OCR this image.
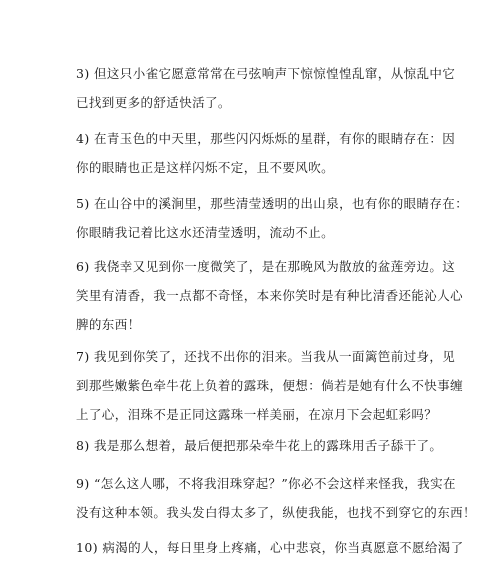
3) 但这只小雀它愿意常常在弓弦响声下惊惊惶惶乱窜，从惊乱中它
已找到更多的舒适快活了。
4) 在青玉色的中天里，那些闪闪烁烁的星群，有你的眼睛存在：因
你的眼睛也正是这样闪烁不定，且不要风吹。
5) 在山谷中的溪涧里，那些清莹透明的出山泉，也有你的眼睛存在：
你眼睛我记着比这水还清莹透明，流动不止。
6) 我侥幸又见到你一度微笑了，是在那晚风为散放的盆莲旁边。这
笑里有清香，我一点都不奇怪，本来你笑时是有种比清香还能沁人心
脾的东西！
7) 我见到你笑了，还找不出你的泪来。当我从一面篱笆前过身，见
到那些嫩紫色牵牛花上负着的露珠，便想：倘若是她有什么不快事缠
上了心，泪珠不是正同这露珠一样美丽，在凉月下会起虹彩吗？
8) 我是那么想着，最后便把那朵牵牛花上的露珠用舌子舔干了。
9) “怎么这人哪，不将我泪珠穿起？”你必不会这样来怪我，我实在
没有这种本领。我头发白得太多了，纵使我能，也找不到穿它的东西！
10) 病渴的人，每日里身上疼痛，心中悲哀，你当真愿意不愿给渴了
